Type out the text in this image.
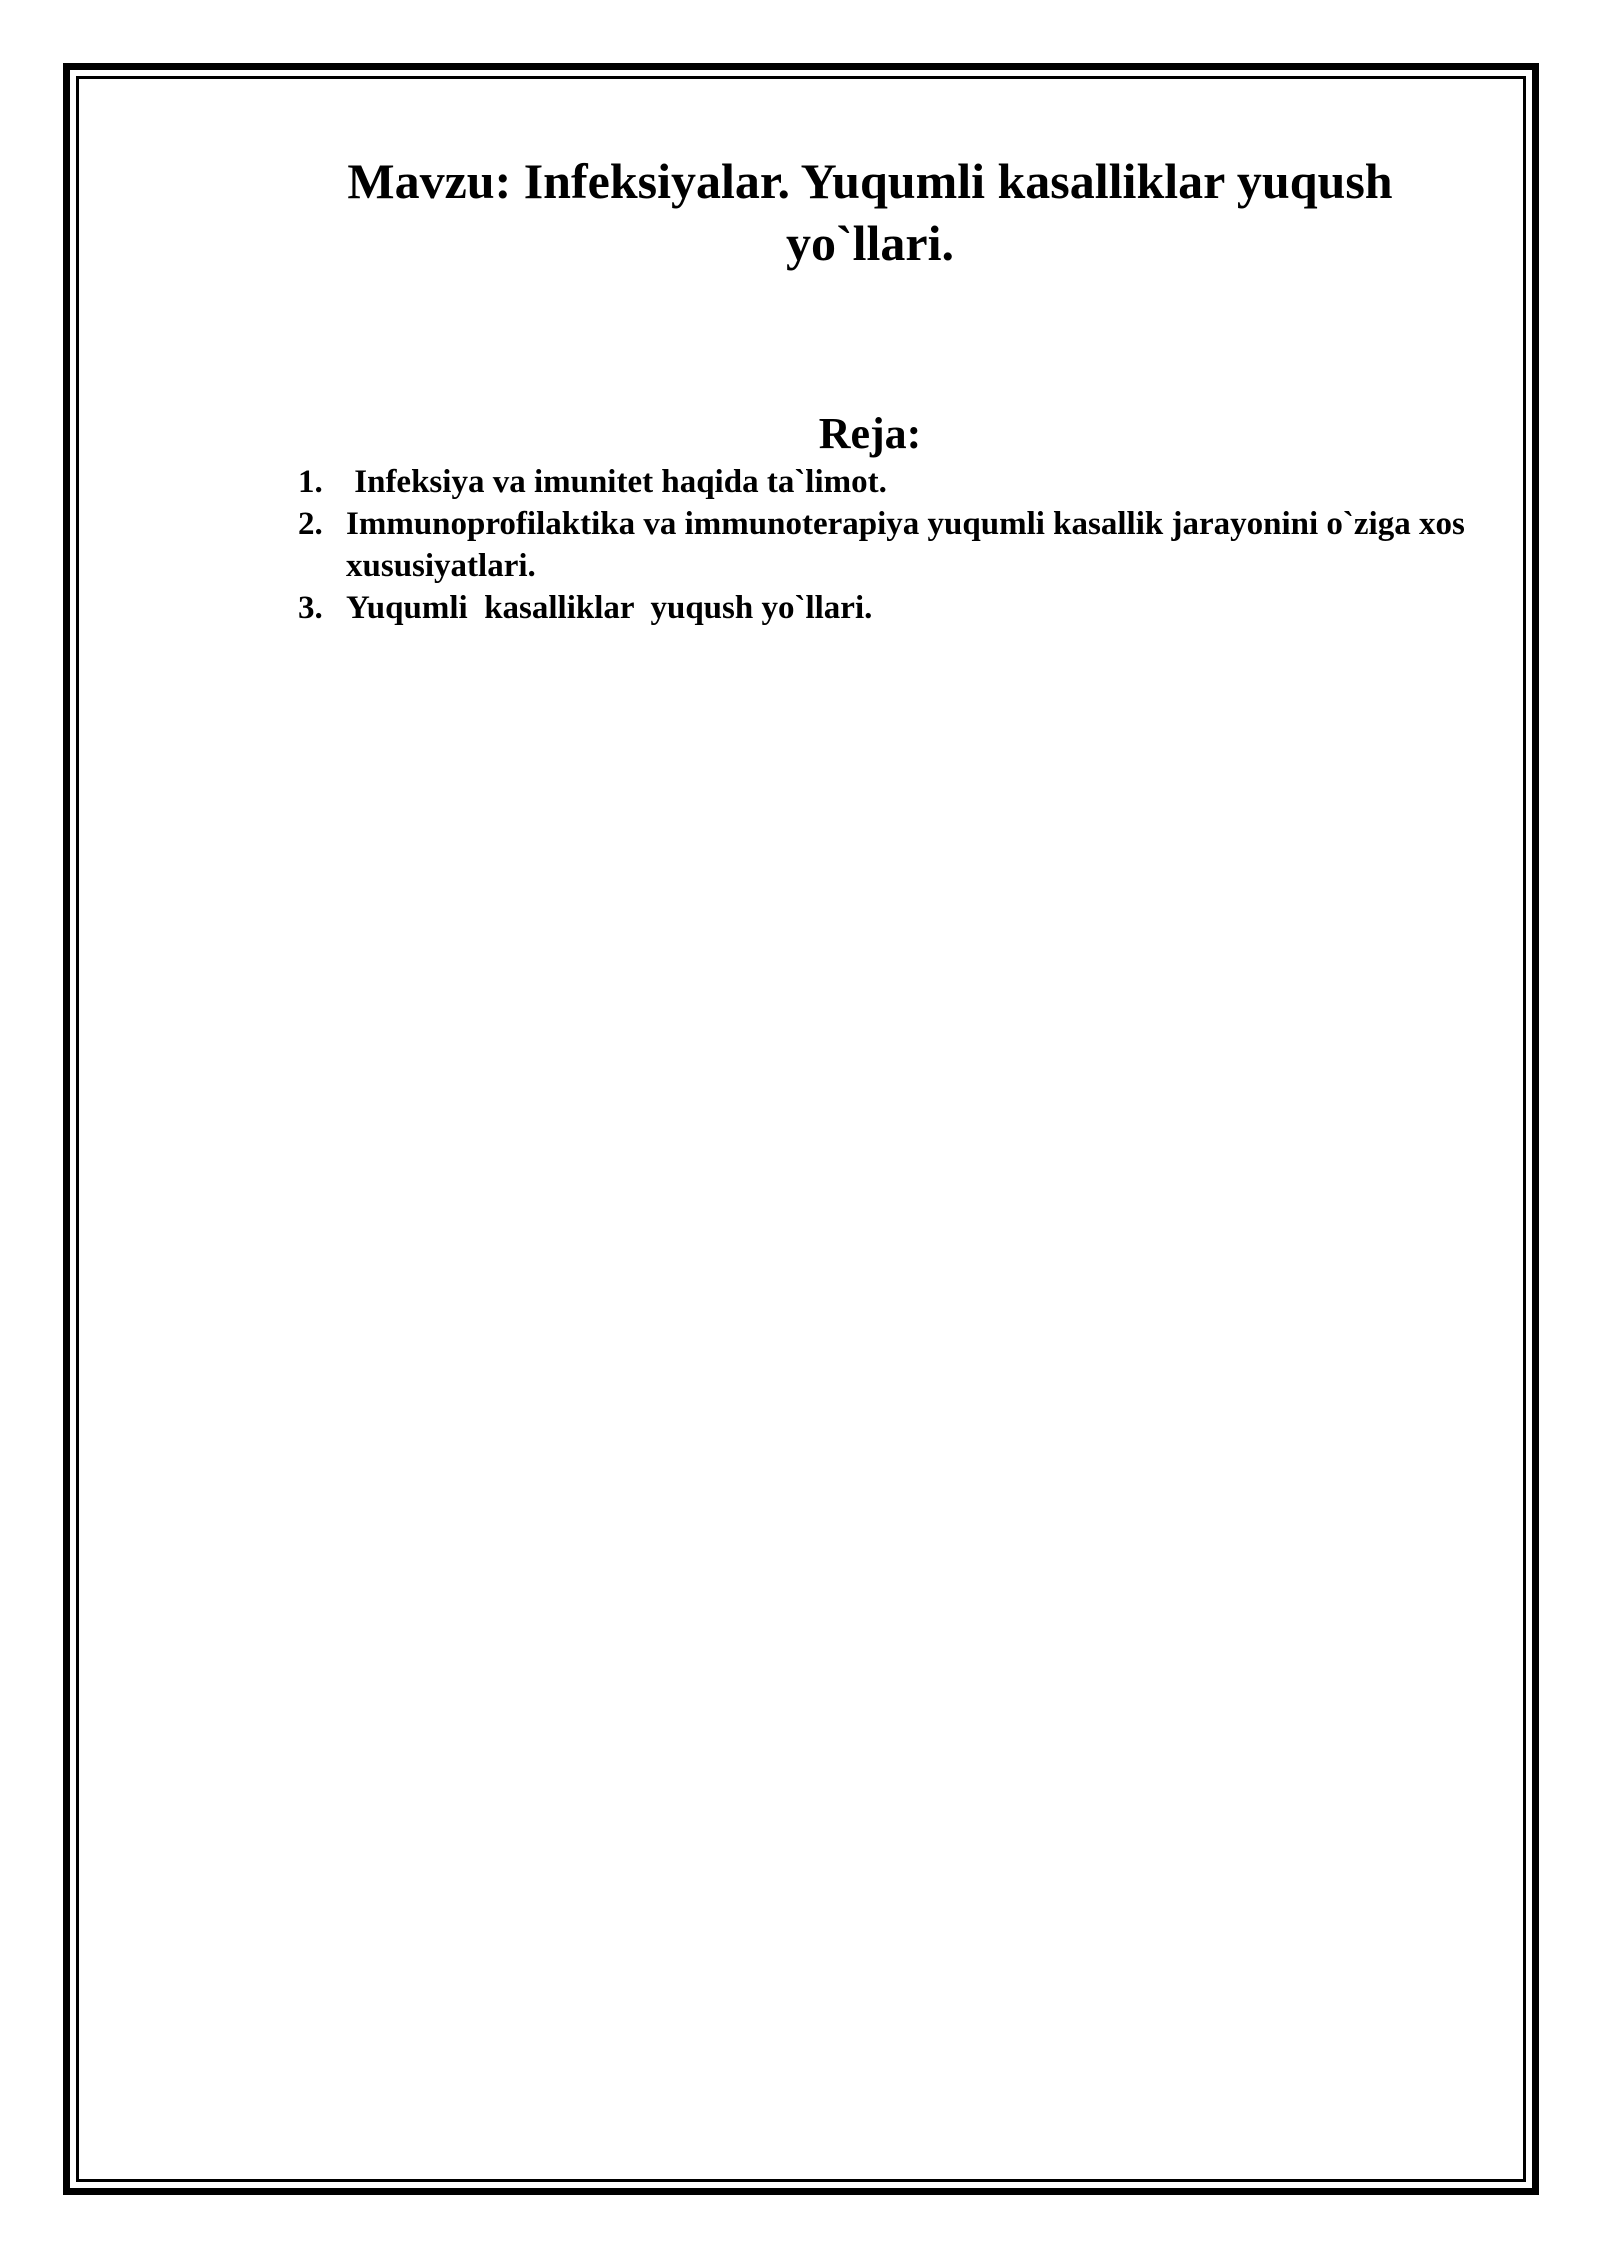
Mavzu: Infeksiyalar. Yuqumli kasalliklar yuqush yo`llari.
Reja:
1. Infeksiya va imunitet haqida ta`limot.
2. Immunoprofilaktika va immunoterapiya yuqumli kasallik jarayonini o`ziga xos xususiyatlari.
3. Yuqumli  kasalliklar  yuqush yo`llari.
